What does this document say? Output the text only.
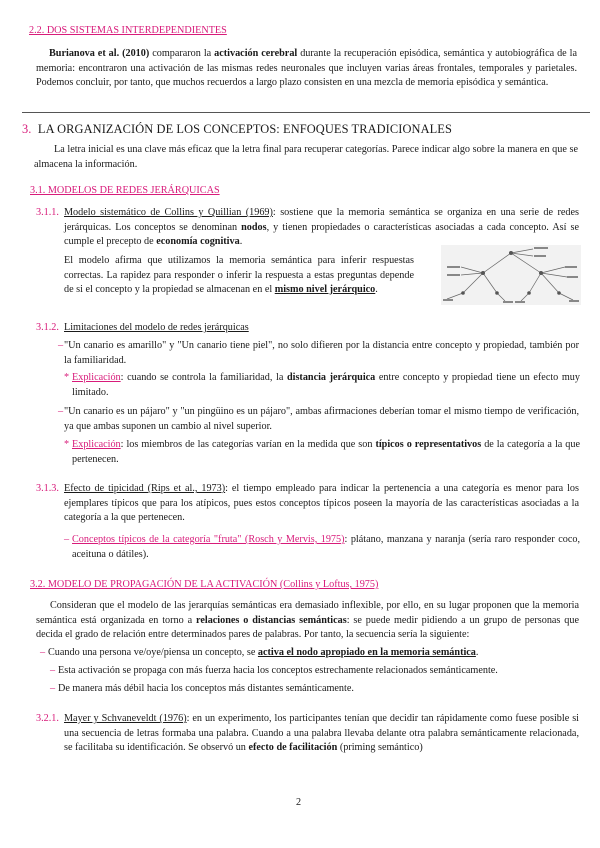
2.2. DOS SISTEMAS INTERDEPENDIENTES

Burianova et al. (2010) compararon la activación cerebral durante la recuperación episódica, semántica y autobiográfica de la memoria: encontraron una activación de las mismas redes neuronales que incluyen varias áreas frontales, temporales y parietales. Podemos concluir, por tanto, que muchos recuerdos a largo plazo consisten en una mezcla de memoria episódica y semántica.

3. LA ORGANIZACIÓN DE LOS CONCEPTOS: ENFOQUES TRADICIONALES

La letra inicial es una clave más eficaz que la letra final para recuperar categorías. Parece indicar algo sobre la manera en que se almacena la información.

3.1. MODELOS DE REDES JERÁRQUICAS
3.1.1. Modelo sistemático de Collins y Quillian (1969): sostiene que la memoria semántica se organiza en una serie de redes jerárquicas. Los conceptos se denominan nodos, y tienen propiedades o características asociadas a cada concepto. Así se cumple el precepto de economía cognitiva.

El modelo afirma que utilizamos la memoria semántica para inferir respuestas correctas. La rapidez para responder o inferir la respuesta a estas preguntas depende de si el concepto y la propiedad se almacenan en el mismo nivel jerárquico.

3.1.2. Limitaciones del modelo de redes jerárquicas
– "Un canario es amarillo" y "Un canario tiene piel", no solo difieren por la distancia entre concepto y propiedad, también por la familiaridad.

* Explicación: cuando se controla la familiaridad, la distancia jerárquica entre concepto y propiedad tiene un efecto muy limitado.

– "Un canario es un pájaro" y "un pingüino es un pájaro", ambas afirmaciones deberían tomar el mismo tiempo de verificación, ya que ambas suponen un cambio al nivel superior.

* Explicación: los miembros de las categorías varían en la medida que son típicos o representativos de la categoría a la que pertenecen.

3.1.3. Efecto de tipicidad (Rips et al., 1973): el tiempo empleado para indicar la pertenencia a una categoría es menor para los ejemplares típicos que para los atípicos, pues estos conceptos típicos poseen la mayoría de las características asociadas a la categoría a la que pertenecen.

– Conceptos típicos de la categoría "fruta" (Rosch y Mervis, 1975): plátano, manzana y naranja (sería raro responder coco, aceituna o dátiles).

3.2. MODELO DE PROPAGACIÓN DE LA ACTIVACIÓN (Collins y Loftus, 1975)

Consideran que el modelo de las jerarquías semánticas era demasiado inflexible, por ello, en su lugar proponen que la memoria semántica está organizada en torno a relaciones o distancias semánticas: se puede medir pidiendo a un grupo de personas que decida el grado de relación entre determinados pares de palabras. Por tanto, la secuencia sería la siguiente:

– Cuando una persona ve/oye/piensa un concepto, se activa el nodo apropiado en la memoria semántica.

– Esta activación se propaga con más fuerza hacia los conceptos estrechamente relacionados semánticamente.

– De manera más débil hacia los conceptos más distantes semánticamente.

3.2.1. Mayer y Schvaneveldt (1976): en un experimento, los participantes tenían que decidir tan rápidamente como fuese posible si una secuencia de letras formaba una palabra. Cuando a una palabra llevaba delante otra palabra semánticamente relacionada, se facilitaba su identificación. Se observó un efecto de facilitación (priming semántico)

2
